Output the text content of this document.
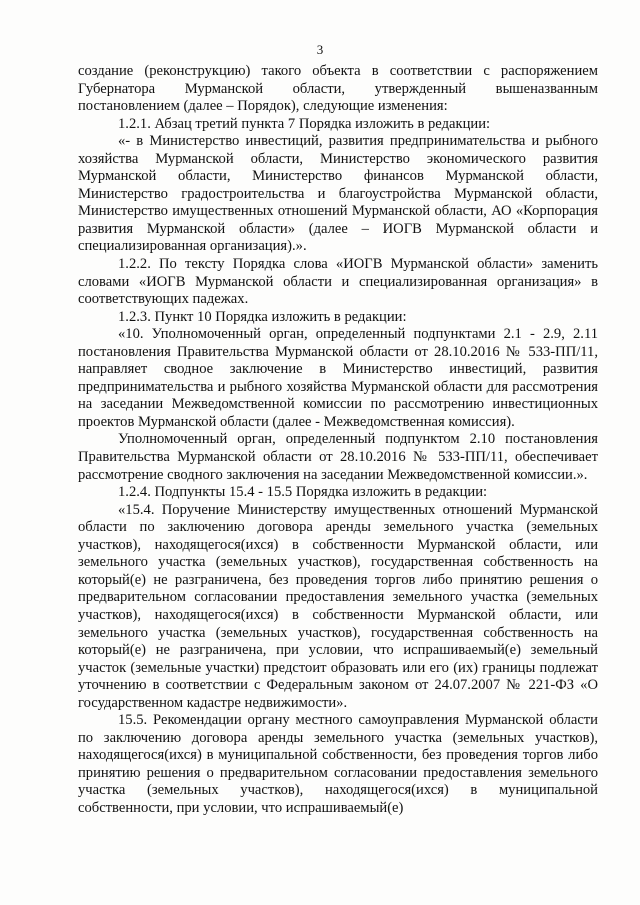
3

создание (реконструкцию) такого объекта в соответствии с распоряжением Губернатора Мурманской области, утвержденный вышеназванным постановлением (далее – Порядок), следующие изменения:

1.2.1. Абзац третий пункта 7 Порядка изложить в редакции:

«- в Министерство инвестиций, развития предпринимательства и рыбного хозяйства Мурманской области, Министерство экономического развития Мурманской области, Министерство финансов Мурманской области, Министерство градостроительства и благоустройства Мурманской области, Министерство имущественных отношений Мурманской области, АО «Корпорация развития Мурманской области» (далее – ИОГВ Мурманской области и специализированная организация).».

1.2.2. По тексту Порядка слова «ИОГВ Мурманской области» заменить словами «ИОГВ Мурманской области и специализированная организация» в соответствующих падежах.

1.2.3. Пункт 10 Порядка изложить в редакции:

«10. Уполномоченный орган, определенный подпунктами 2.1 - 2.9, 2.11 постановления Правительства Мурманской области от 28.10.2016 № 533-ПП/11, направляет сводное заключение в Министерство инвестиций, развития предпринимательства и рыбного хозяйства Мурманской области для рассмотрения на заседании Межведомственной комиссии по рассмотрению инвестиционных проектов Мурманской области (далее - Межведомственная комиссия).

Уполномоченный орган, определенный подпунктом 2.10 постановления Правительства Мурманской области от 28.10.2016 № 533-ПП/11, обеспечивает рассмотрение сводного заключения на заседании Межведомственной комиссии.».

1.2.4. Подпункты 15.4 - 15.5 Порядка изложить в редакции:

«15.4. Поручение Министерству имущественных отношений Мурманской области по заключению договора аренды земельного участка (земельных участков), находящегося(ихся) в собственности Мурманской области, или земельного участка (земельных участков), государственная собственность на который(е) не разграничена, без проведения торгов либо принятию решения о предварительном согласовании предоставления земельного участка (земельных участков), находящегося(ихся) в собственности Мурманской области, или земельного участка (земельных участков), государственная собственность на который(е) не разграничена, при условии, что испрашиваемый(е) земельный участок (земельные участки) предстоит образовать или его (их) границы подлежат уточнению в соответствии с Федеральным законом от 24.07.2007 № 221-ФЗ «О государственном кадастре недвижимости».

15.5. Рекомендации органу местного самоуправления Мурманской области по заключению договора аренды земельного участка (земельных участков), находящегося(ихся) в муниципальной собственности, без проведения торгов либо принятию решения о предварительном согласовании предоставления земельного участка (земельных участков), находящегося(ихся) в муниципальной собственности, при условии, что испрашиваемый(е)
